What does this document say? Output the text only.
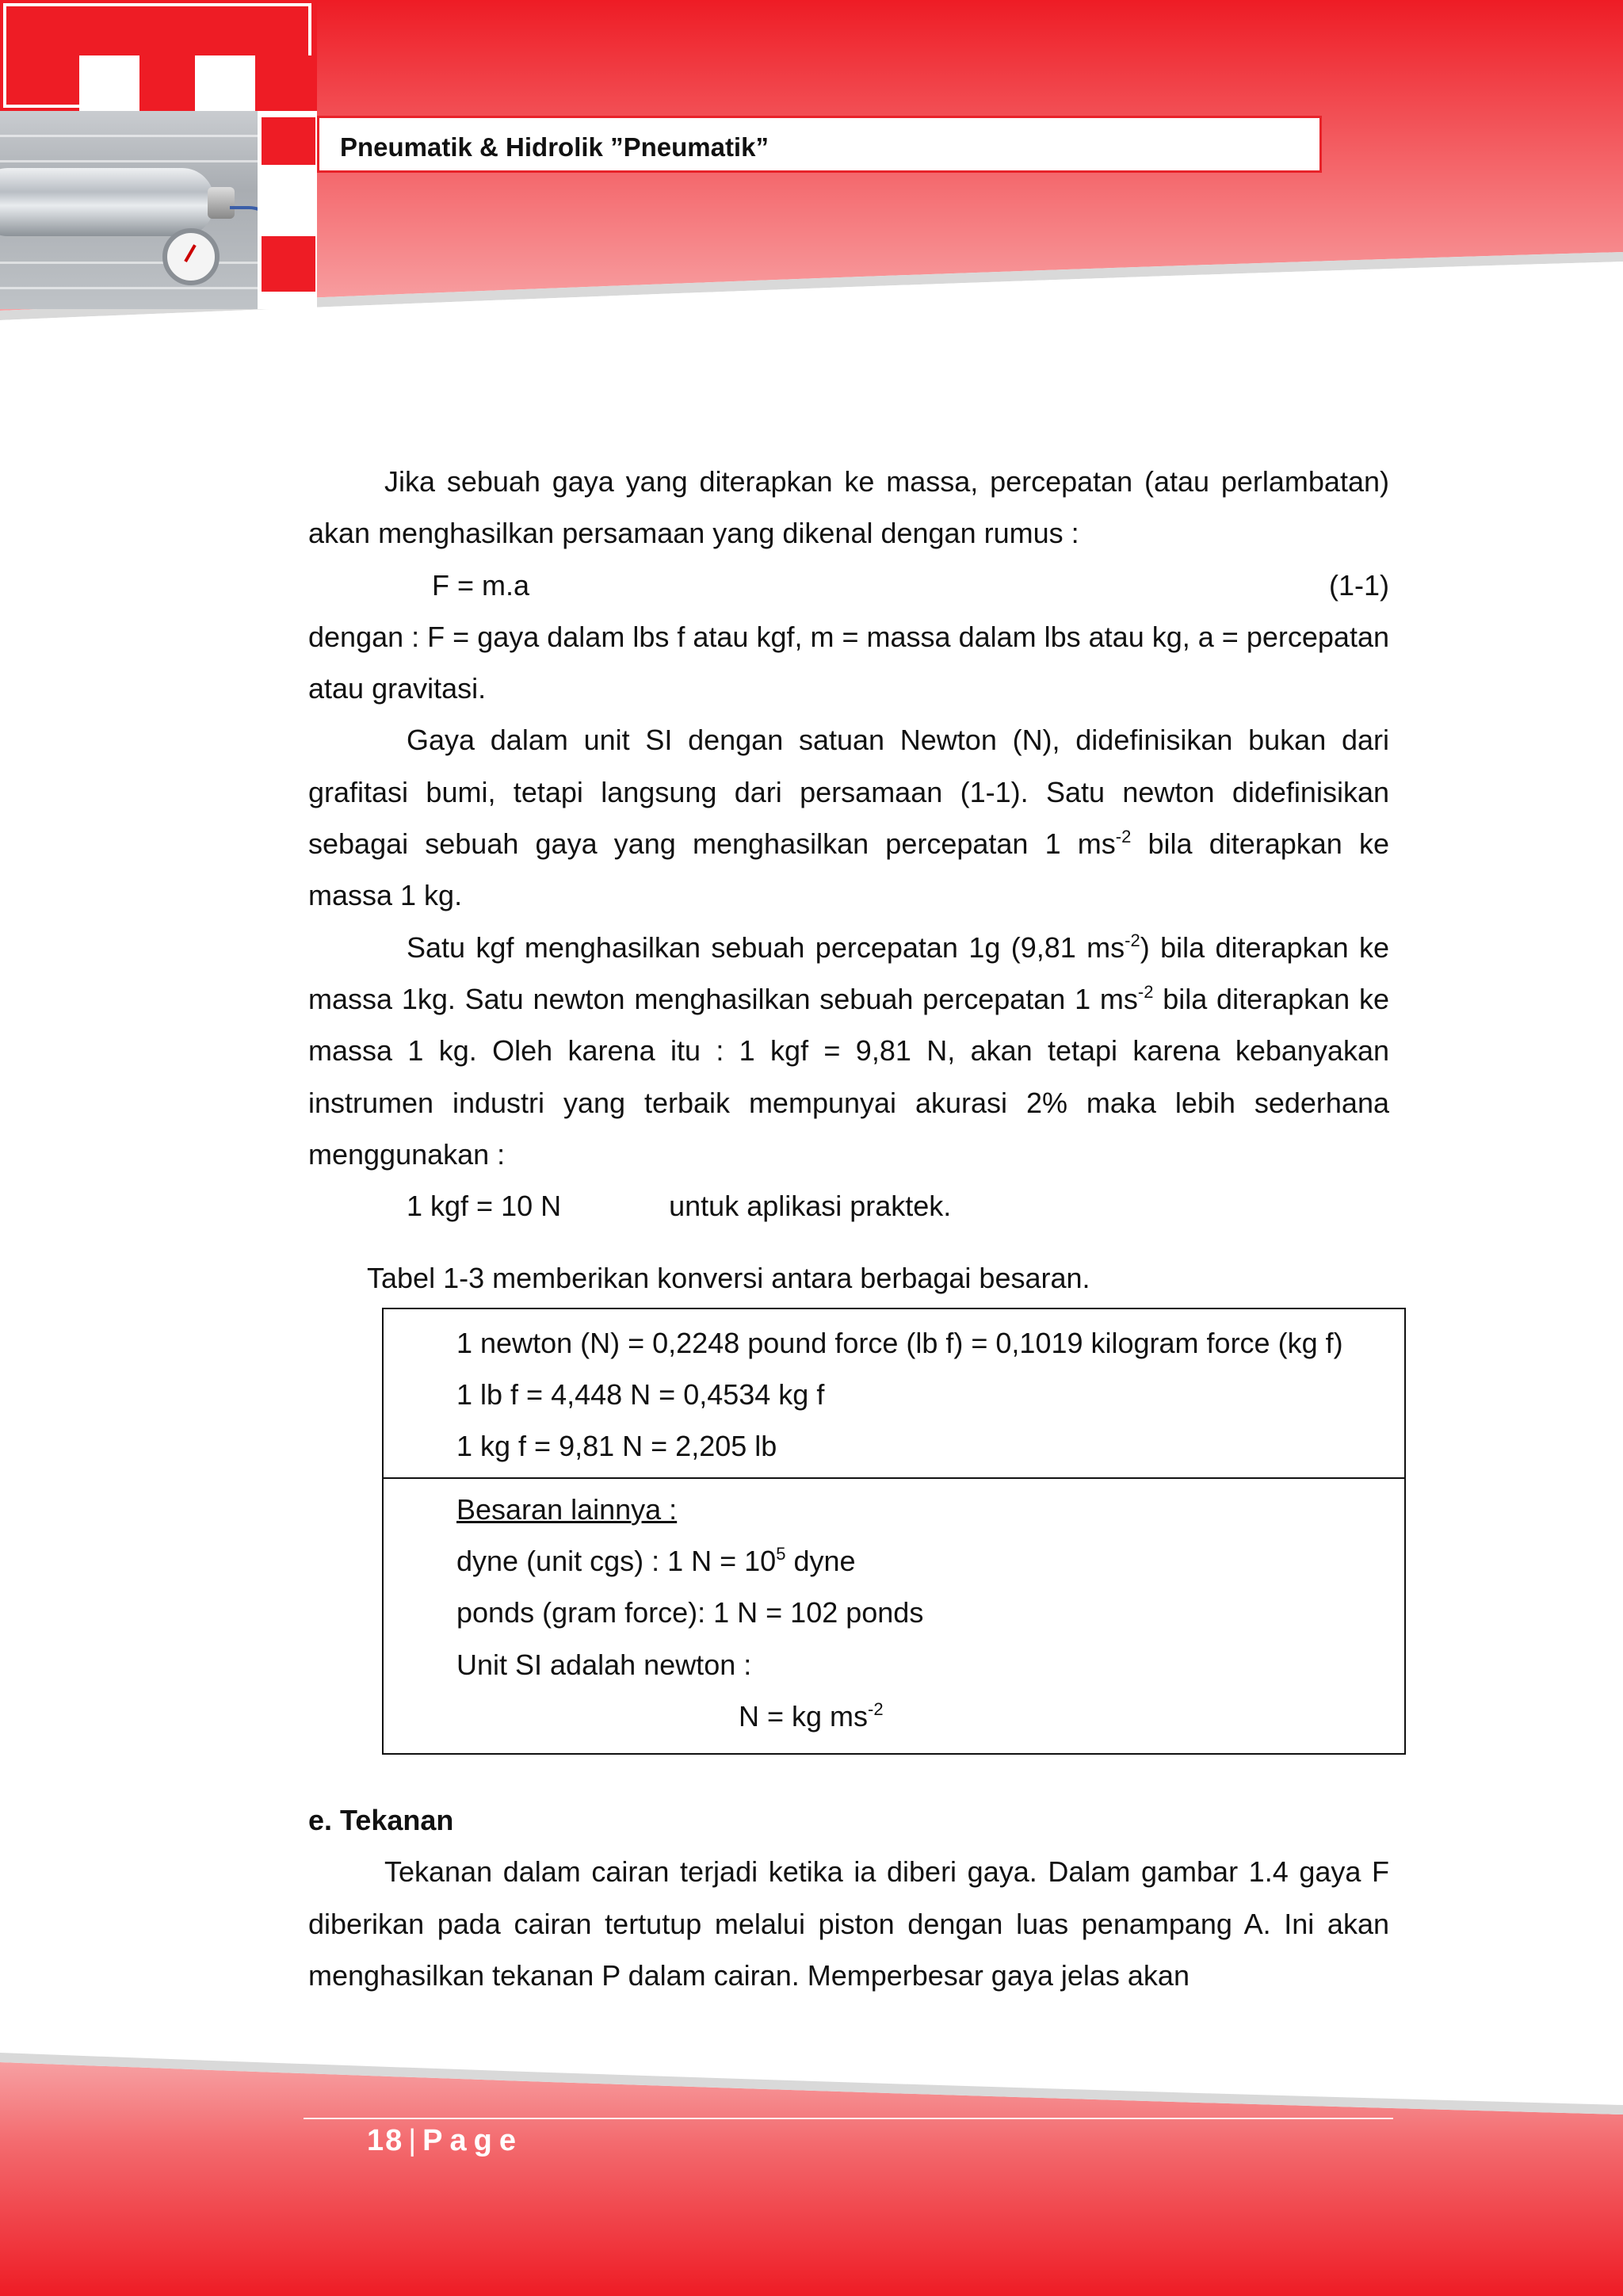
Pneumatik & Hidrolik ”Pneumatik”

Jika sebuah gaya yang diterapkan ke massa, percepatan (atau perlambatan) akan menghasilkan persamaan yang dikenal dengan rumus :

F = m.a	(1-1)

dengan : F = gaya dalam lbs f atau kgf, m = massa dalam lbs atau kg, a = percepatan atau gravitasi.

Gaya dalam unit SI dengan satuan Newton (N), didefinisikan bukan dari grafitasi bumi, tetapi langsung dari persamaan (1-1). Satu newton didefinisikan sebagai sebuah gaya yang menghasilkan percepatan 1 $ms^{-2}$ bila diterapkan ke massa 1 kg.

Satu kgf menghasilkan sebuah percepatan 1g (9,81 $ms^{-2}$) bila diterapkan ke massa 1kg. Satu newton menghasilkan sebuah percepatan 1 $ms^{-2}$ bila diterapkan ke massa 1 kg. Oleh karena itu : 1 kgf = 9,81 N, akan tetapi karena kebanyakan instrumen industri yang terbaik mempunyai akurasi 2% maka lebih sederhana menggunakan :

1 kgf = 10 N	untuk aplikasi praktek.
Tabel 1-3 memberikan konversi antara berbagai besaran.
1 newton (N) = 0,2248 pound force (lb f) = 0,1019 kilogram force (kg f)
1 lb f = 4,448 N = 0,4534 kg f
1 kg f = 9,81 N = 2,205 lb
Besaran lainnya :
dyne (unit cgs) : 1 $N = 10^5$ dyne
ponds (gram force): 1 N = 102 ponds
Unit SI adalah newton :
N = kg $ms^{-2}$
e. Tekanan

Tekanan dalam cairan terjadi ketika ia diberi gaya. Dalam gambar 1.4 gaya F diberikan pada cairan tertutup melalui piston dengan luas penampang A. Ini akan menghasilkan tekanan P dalam cairan. Memperbesar gaya jelas akan

18 | Page
